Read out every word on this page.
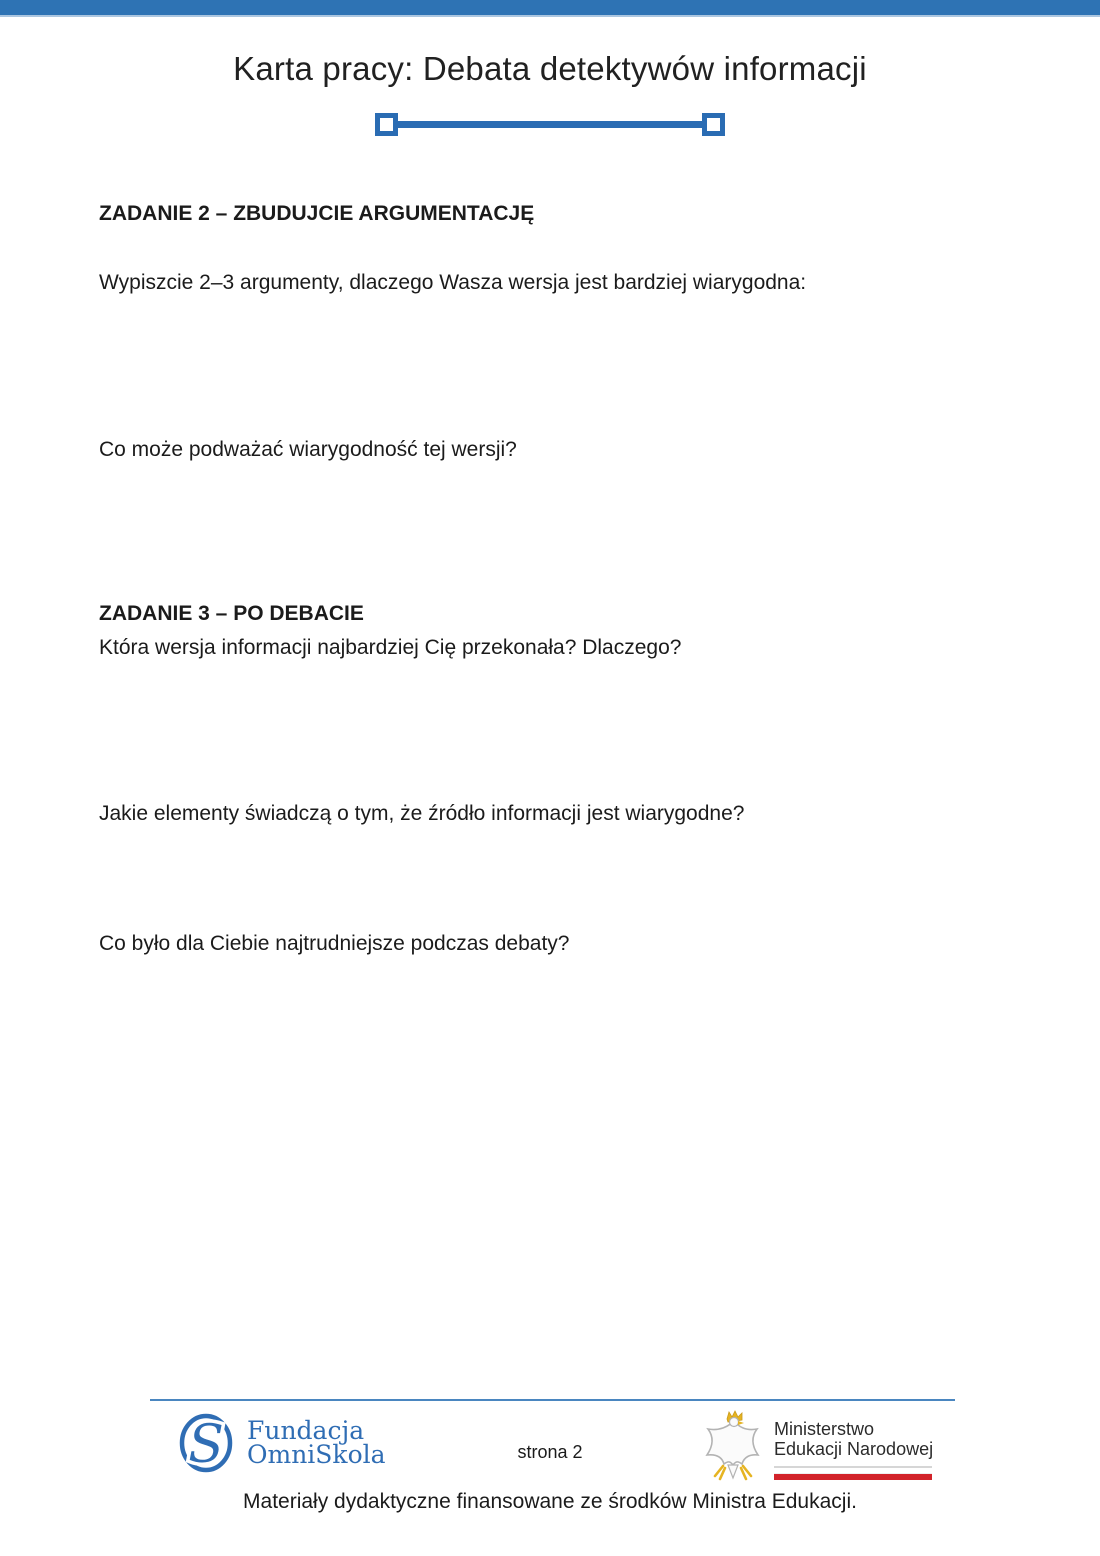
Karta pracy: Debata detektywów informacji
ZADANIE 2 – ZBUDUJCIE ARGUMENTACJĘ
Wypiszcie 2–3 argumenty, dlaczego Wasza wersja jest bardziej wiarygodna:
Co może podważać wiarygodność tej wersji?
ZADANIE 3 – PO DEBACIE
Która wersja informacji najbardziej Cię przekonała? Dlaczego?
Jakie elementy świadczą o tym, że źródło informacji jest wiarygodne?
Co było dla Ciebie najtrudniejsze podczas debaty?
S Fundacja
OmniSkola	strona 2
Ministerstwo
Edukacji Narodowej
Materiały dydaktyczne finansowane ze środków Ministra Edukacji.
